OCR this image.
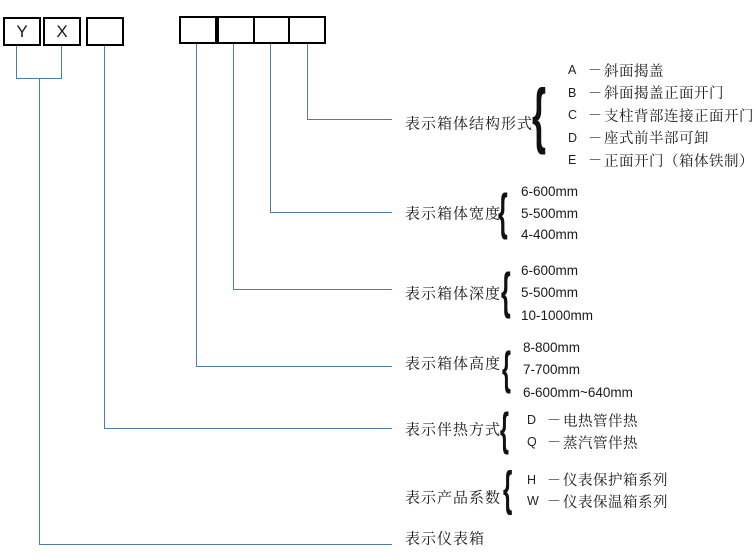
Y X
表示箱体结构形式
表示箱体宽度
表示箱体深度
表示箱体高度
表示伴热方式
表示产品系数
表示仪表箱
{
{
{
{
{
{
A － 斜面揭盖
B － 斜面揭盖正面开门
C － 支柱背部连接正面开门
D － 座式前半部可卸
E － 正面开门（箱体铁制）
6-600mm
5-500mm
4-400mm
6-600mm
5-500mm
10-1000mm
8-800mm
7-700mm
6-600mm~640mm
D － 电热管伴热
Q － 蒸汽管伴热
H － 仪表保护箱系列
W － 仪表保温箱系列
